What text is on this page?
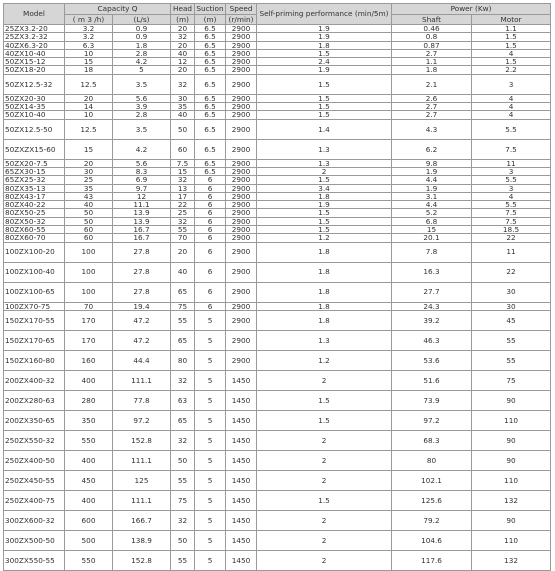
Model	Capacity Q		Head	Suction	Speed	Self-priming performance (min/5m)	Power (Kw)	
	( m 3 /h)	(L/s)	(m)	(m)	(r/min)		Shaft	Motor
25ZX3.2-20	3.2	0.9	20	6.5	2900	1.9	0.46	1.1
25ZX3.2-32	3.2	0.9	32	6.5	2900	1.9	0.8	1.5
40ZX6.3-20	6.3	1.8	20	6.5	2900	1.8	0.87	1.5
40ZX10-40	10	2.8	40	6.5	2900	1.5	2.7	4
50ZX15-12	15	4.2	12	6.5	2900	2.4	1.1	1.5
50ZX18-20	18	5	20	6.5	2900	1.9	1.8	2.2
50ZX12.5-32	12.5	3.5	32	6.5	2900	1.5	2.1	3
50ZX20-30	20	5.6	30	6.5	2900	1.5	2.6	4
50ZX14-35	14	3.9	35	6.5	2900	1.5	2.7	4
50ZX10-40	10	2.8	40	6.5	2900	1.5	2.7	4
50ZX12.5-50	12.5	3.5	50	6.5	2900	1.4	4.3	5.5
50ZXZX15-60	15	4.2	60	6.5	2900	1.3	6.2	7.5
50ZX20-7.5	20	5.6	7.5	6.5	2900	1.3	9.8	11
65ZX30-15	30	8.3	15	6.5	2900	2	1.9	3
65ZX25-32	25	6.9	32	6	2900	1.5	4.4	5.5
80ZX35-13	35	9.7	13	6	2900	3.4	1.9	3
80ZX43-17	43	12	17	6	2900	1.8	3.1	4
80ZX40-22	40	11.1	22	6	2900	1.9	4.4	5.5
80ZX50-25	50	13.9	25	6	2900	1.5	5.2	7.5
80ZX50-32	50	13.9	32	6	2900	1.5	6.8	7.5
80ZX60-55	60	16.7	55	6	2900	1.5	15	18.5
80ZX60-70	60	16.7	70	6	2900	1.2	20.1	22
100ZX100-20	100	27.8	20	6	2900	1.8	7.8	11
100ZX100-40	100	27.8	40	6	2900	1.8	16.3	22
100ZX100-65	100	27.8	65	6	2900	1.8	27.7	30
100ZX70-75	70	19.4	75	6	2900	1.8	24.3	30
150ZX170-55	170	47.2	55	5	2900	1.8	39.2	45
150ZX170-65	170	47.2	65	5	2900	1.3	46.3	55
150ZX160-80	160	44.4	80	5	2900	1.2	53.6	55
200ZX400-32	400	111.1	32	5	1450	2	51.6	75
200ZX280-63	280	77.8	63	5	1450	1.5	73.9	90
200ZX350-65	350	97.2	65	5	1450	1.5	97.2	110
250ZX550-32	550	152.8	32	5	1450	2	68.3	90
250ZX400-50	400	111.1	50	5	1450	2	80	90
250ZX450-55	450	125	55	5	1450	2	102.1	110
250ZX400-75	400	111.1	75	5	1450	1.5	125.6	132
300ZX600-32	600	166.7	32	5	1450	2	79.2	90
300ZX500-50	500	138.9	50	5	1450	2	104.6	110
300ZX550-55	550	152.8	55	5	1450	2	117.6	132
